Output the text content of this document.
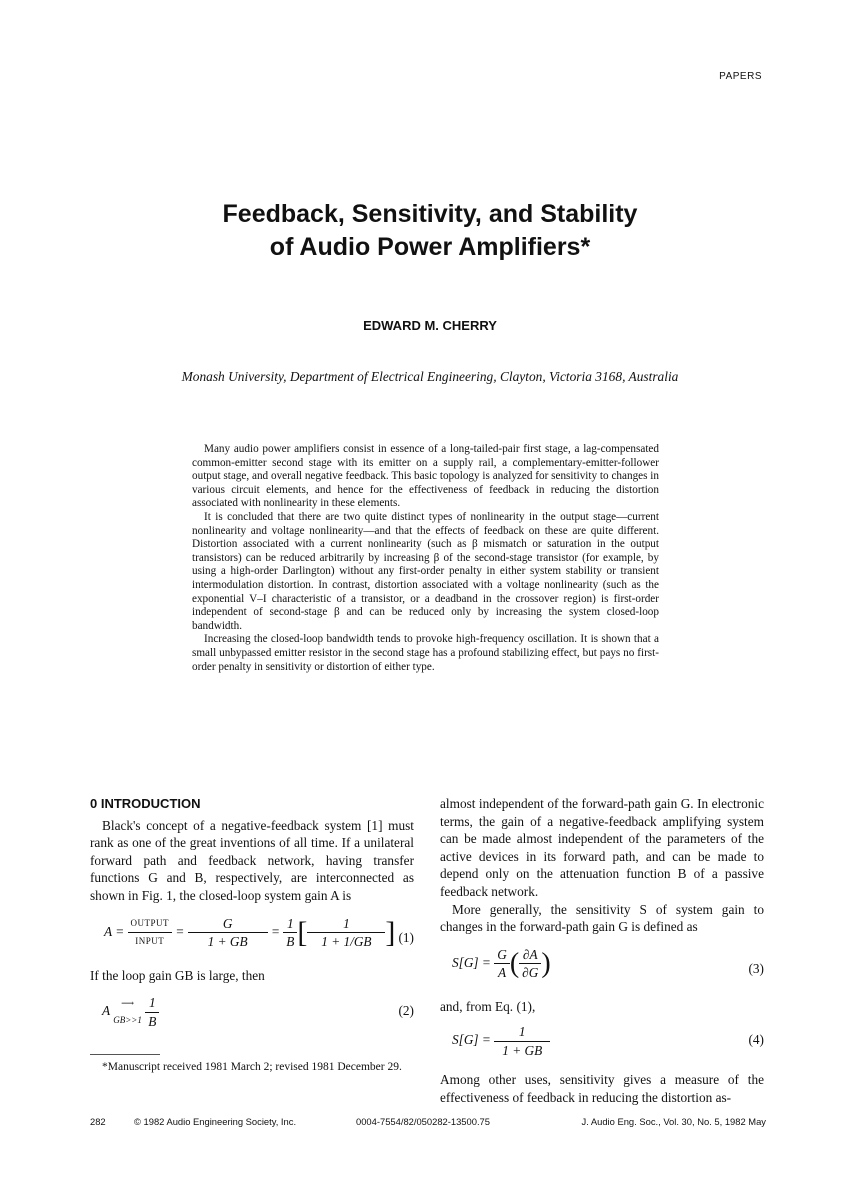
PAPERS
Feedback, Sensitivity, and Stability
of Audio Power Amplifiers*
EDWARD M. CHERRY
Monash University, Department of Electrical Engineering, Clayton, Victoria 3168, Australia

Many audio power amplifiers consist in essence of a long-tailed-pair first stage, a lag-compensated common-emitter second stage with its emitter on a supply rail, a complementary-emitter-follower output stage, and overall negative feedback. This basic topology is analyzed for sensitivity to changes in various circuit elements, and hence for the effectiveness of feedback in reducing the distortion associated with nonlinearity in these elements.

It is concluded that there are two quite distinct types of nonlinearity in the output stage—current nonlinearity and voltage nonlinearity—and that the effects of feedback on these are quite different. Distortion associated with a current nonlinearity (such as β mismatch or saturation in the output transistors) can be reduced arbitrarily by increasing β of the second-stage transistor (for example, by using a high-order Darlington) without any first-order penalty in either system stability or transient intermodulation distortion. In contrast, distortion associated with a voltage nonlinearity (such as the exponential V–I characteristic of a transistor, or a deadband in the crossover region) is first-order independent of second-stage β and can be reduced only by increasing the system closed-loop bandwidth.

Increasing the closed-loop bandwidth tends to provoke high-frequency oscillation. It is shown that a small unbypassed emitter resistor in the second stage has a profound stabilizing effect, but pays no first-order penalty in sensitivity or distortion of either type.

0 INTRODUCTION

Black's concept of a negative-feedback system [1] must rank as one of the great inventions of all time. If a unilateral forward path and feedback network, having transfer functions G and B, respectively, are interconnected as shown in Fig. 1, the closed-loop system gain A is

$A = \frac{\text{OUTPUT}}{\text{INPUT}} = \frac{G}{1 + GB} = \frac{1}{B}$ [ $\frac{1}{1 + 1/GB}$ ] (1)

If the loop gain GB is large, then

A
⟶
$GB>>1 \frac{1}{B}$	(2)
*Manuscript received 1981 March 2; revised 1981 December 29.

almost independent of the forward-path gain G. In electronic terms, the gain of a negative-feedback amplifying system can be made almost independent of the parameters of the active devices in its forward path, and can be made to depend only on the attenuation function B of a passive feedback network.

More generally, the sensitivity S of system gain to changes in the forward-path gain G is defined as

$S[G] = \frac{G}{A}$ ( $\frac{\partial A}{\partial G}$ )	(3)

and, from Eq. (1),

$S[G] = \frac{1}{1 + GB}$	(4)

Among other uses, sensitivity gives a measure of the effectiveness of feedback in reducing the distortion as-

282	© 1982 Audio Engineering Society, Inc.	0004-7554/82/050282-13500.75	J. Audio Eng. Soc., Vol. 30, No. 5, 1982 May
